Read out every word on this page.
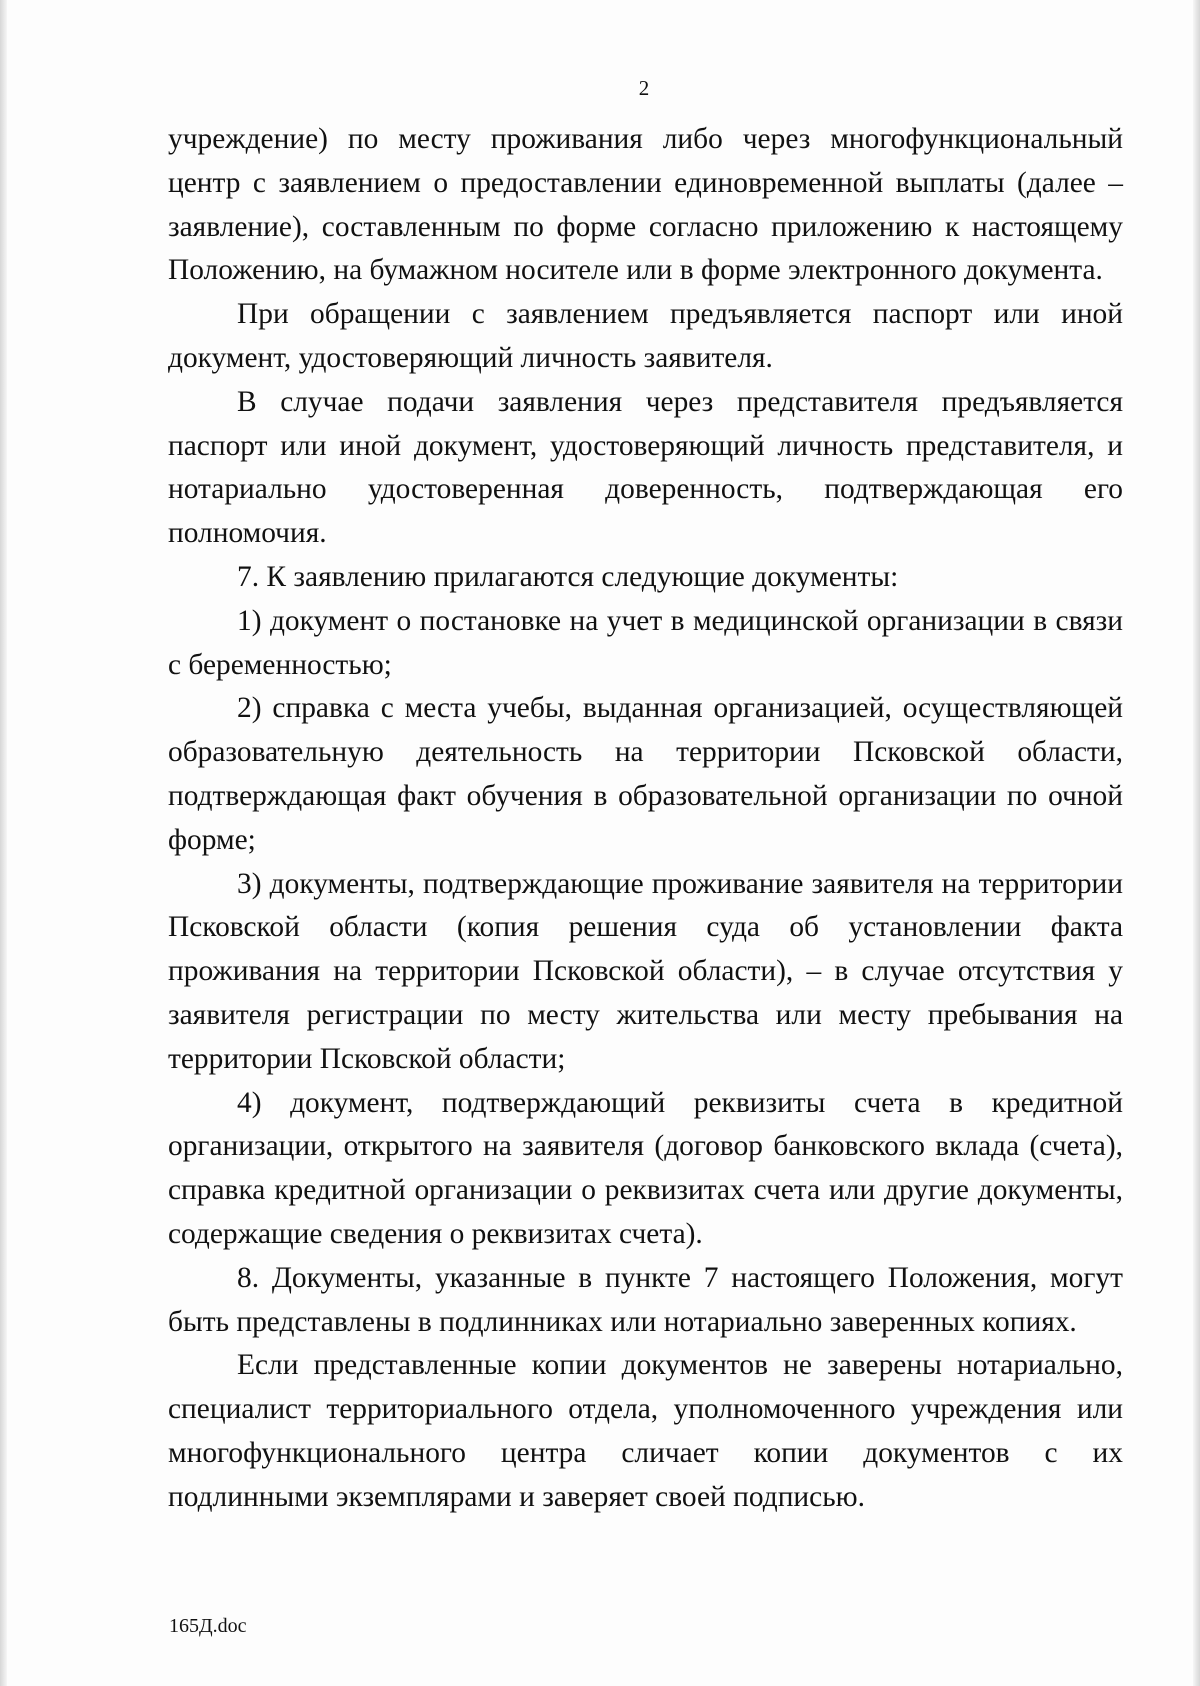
2

учреждение) по месту проживания либо через многофункциональный центр с заявлением о предоставлении единовременной выплаты (далее – заявление), составленным по форме согласно приложению к настоящему Положению, на бумажном носителе или в форме электронного документа.

При обращении с заявлением предъявляется паспорт или иной документ, удостоверяющий личность заявителя.

В случае подачи заявления через представителя предъявляется паспорт или иной документ, удостоверяющий личность представителя, и нотариально удостоверенная доверенность, подтверждающая его полномочия.

7. К заявлению прилагаются следующие документы:

1) документ о постановке на учет в медицинской организации в связи с беременностью;

2) справка с места учебы, выданная организацией, осуществляющей образовательную деятельность на территории Псковской области, подтверждающая факт обучения в образовательной организации по очной форме;

3) документы, подтверждающие проживание заявителя на территории Псковской области (копия решения суда об установлении факта проживания на территории Псковской области), – в случае отсутствия у заявителя регистрации по месту жительства или месту пребывания на территории Псковской области;

4) документ, подтверждающий реквизиты счета в кредитной организации, открытого на заявителя (договор банковского вклада (счета), справка кредитной организации о реквизитах счета или другие документы, содержащие сведения о реквизитах счета).

8. Документы, указанные в пункте 7 настоящего Положения, могут быть представлены в подлинниках или нотариально заверенных копиях.

Если представленные копии документов не заверены нотариально, специалист территориального отдела, уполномоченного учреждения или многофункционального центра сличает копии документов с их подлинными экземплярами и заверяет своей подписью.

165Д.doc
